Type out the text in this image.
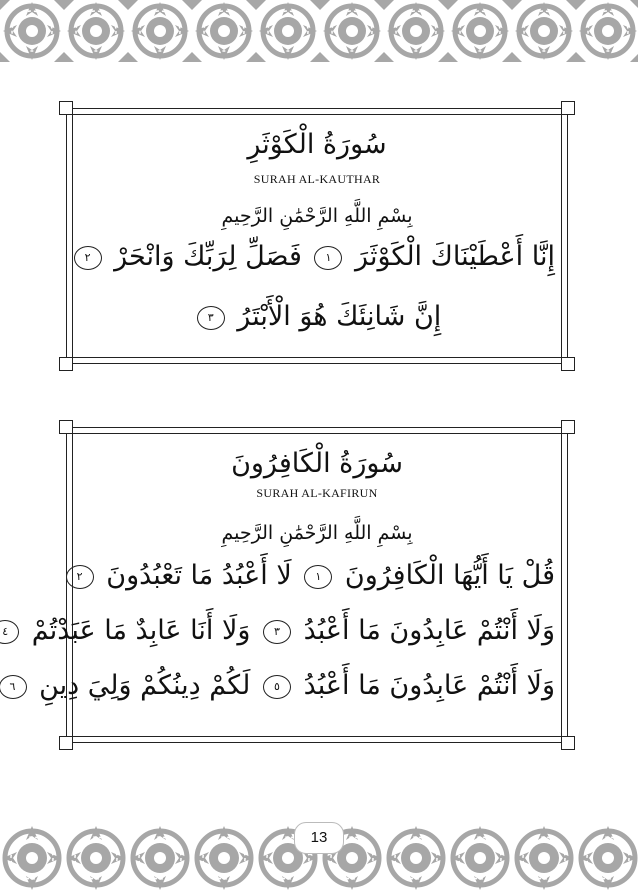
سُورَةُ الْكَوْثَرِ
SURAH AL-KAUTHAR
بِسْمِ اللَّهِ الرَّحْمَٰنِ الرَّحِيمِ
إِنَّا أَعْطَيْنَاكَ الْكَوْثَرَ ١ فَصَلِّ لِرَبِّكَ وَانْحَرْ ٢
إِنَّ شَانِئَكَ هُوَ الْأَبْتَرُ ٣
سُورَةُ الْكَافِرُونَ
SURAH AL-KAFIRUN
بِسْمِ اللَّهِ الرَّحْمَٰنِ الرَّحِيمِ
قُلْ يَا أَيُّهَا الْكَافِرُونَ ١ لَا أَعْبُدُ مَا تَعْبُدُونَ ٢
وَلَا أَنْتُمْ عَابِدُونَ مَا أَعْبُدُ ٣ وَلَا أَنَا عَابِدٌ مَا عَبَدْتُمْ ٤
وَلَا أَنْتُمْ عَابِدُونَ مَا أَعْبُدُ ٥ لَكُمْ دِينُكُمْ وَلِيَ دِينِ ٦
13
